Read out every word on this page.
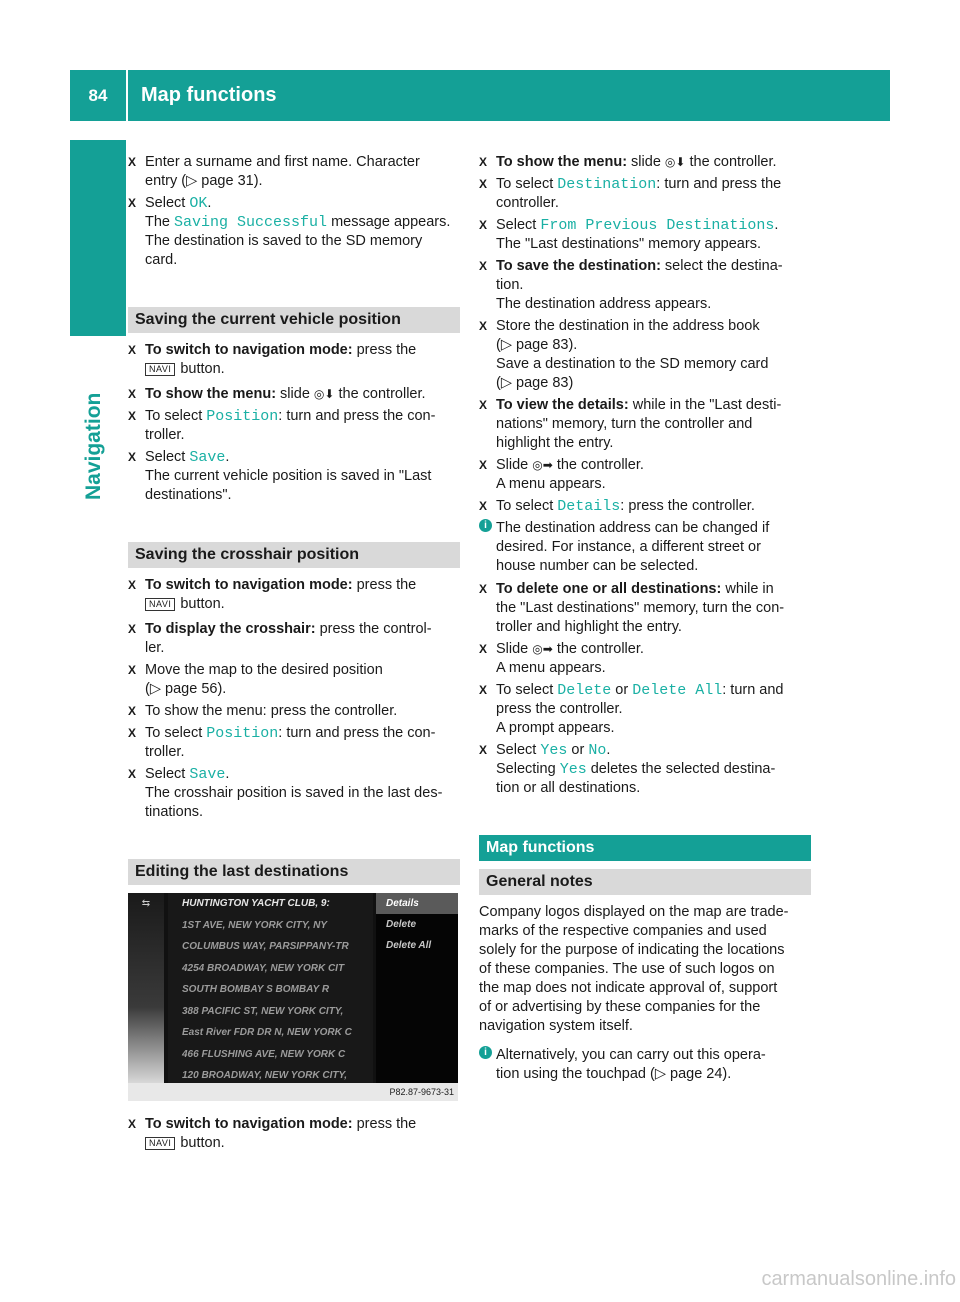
84	Map functions
Navigation
X Enter a surname and first name. Character
entry (▷ page 31).
X Select OK.
The Saving Successful message appears.
The destination is saved to the SD memory
card.
Saving the current vehicle position
X To switch to navigation mode: press the
NAVI button.
X To show the menu: slide ◎⬇ the controller.
X To select Position: turn and press the con-
troller.
X Select Save.
The current vehicle position is saved in "Last
destinations".
Saving the crosshair position
X To switch to navigation mode: press the
NAVI button.
X To display the crosshair: press the control-
ler.
X Move the map to the desired position
(▷ page 56).
X To show the menu: press the controller.
X To select Position: turn and press the con-
troller.
X Select Save.
The crosshair position is saved in the last des-
tinations.
Editing the last destinations
⇆	HUNTINGTON YACHT CLUB, 9:
1ST AVE, NEW YORK CITY, NY
COLUMBUS WAY, PARSIPPANY-TR
4254 BROADWAY, NEW YORK CIT
SOUTH BOMBAY S BOMBAY R
388 PACIFIC ST, NEW YORK CITY,
East River FDR DR N, NEW YORK C
466 FLUSHING AVE, NEW YORK C
120 BROADWAY, NEW YORK CITY,
Details
Delete
Delete All
P82.87-9673-31
X To switch to navigation mode: press the
NAVI button.
X To show the menu: slide ◎⬇ the controller.
X To select Destination: turn and press the
controller.
X Select From Previous Destinations.
The "Last destinations" memory appears.
X To save the destination: select the destina-
tion.
The destination address appears.
X Store the destination in the address book
(▷ page 83).
Save a destination to the SD memory card
(▷ page 83)
X To view the details: while in the "Last desti-
nations" memory, turn the controller and
highlight the entry.
X Slide ◎➡ the controller.
A menu appears.
X To select Details: press the controller.
i The destination address can be changed if
desired. For instance, a different street or
house number can be selected.
X To delete one or all destinations: while in
the "Last destinations" memory, turn the con-
troller and highlight the entry.
X Slide ◎➡ the controller.
A menu appears.
X To select Delete or Delete All: turn and
press the controller.
A prompt appears.
X Select Yes or No.
Selecting Yes deletes the selected destina-
tion or all destinations.
Map functions
General notes
Company logos displayed on the map are trade-
marks of the respective companies and used
solely for the purpose of indicating the locations
of these companies. The use of such logos on
the map does not indicate approval of, support
of or advertising by these companies for the
navigation system itself.
i Alternatively, you can carry out this opera-
tion using the touchpad (▷ page 24).
carmanualsonline.info
